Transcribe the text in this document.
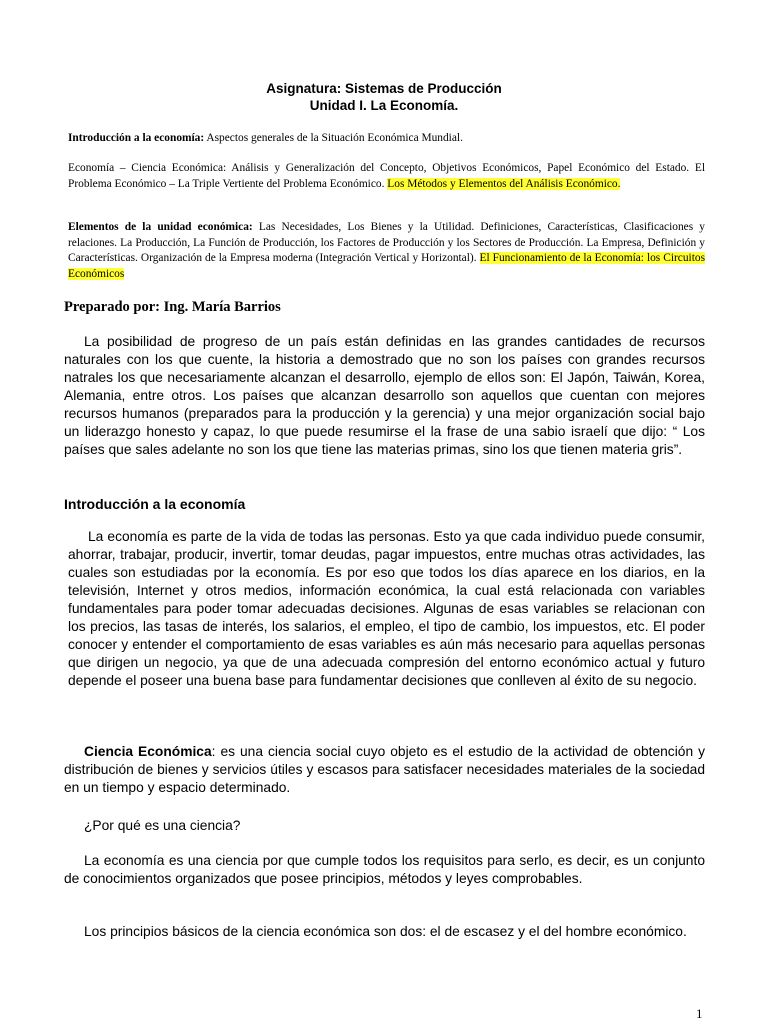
Asignatura: Sistemas de Producción
Unidad I. La Economía.
Introducción a la economía: Aspectos generales de la Situación Económica Mundial.
Economía – Ciencia Económica: Análisis y Generalización del Concepto, Objetivos Económicos, Papel Económico del Estado. El Problema Económico – La Triple Vertiente del Problema Económico. Los Métodos y Elementos del Análisis Económico.
Elementos de la unidad económica: Las Necesidades, Los Bienes y la Utilidad. Definiciones, Características, Clasificaciones y relaciones. La Producción, La Función de Producción, los Factores de Producción y los Sectores de Producción. La Empresa, Definición y Características. Organización de la Empresa moderna (Integración Vertical y Horizontal). El Funcionamiento de la Economía: los Circuitos Económicos
Preparado por: Ing. María Barrios
La posibilidad de progreso de un país están definidas en las grandes cantidades de recursos naturales con los que cuente, la historia a demostrado que no son los países con grandes recursos natrales los que necesariamente alcanzan el desarrollo, ejemplo de ellos son: El Japón, Taiwán, Korea, Alemania, entre otros. Los países que alcanzan desarrollo son aquellos que cuentan con mejores recursos humanos (preparados para la producción y la gerencia) y una mejor organización social bajo un liderazgo honesto y capaz, lo que puede resumirse el la frase de una sabio israelí que dijo: “ Los países que sales adelante no son los que tiene las materias primas, sino los que tienen materia gris”.
Introducción a la economía
La economía es parte de la vida de todas las personas. Esto ya que cada individuo puede consumir, ahorrar, trabajar, producir, invertir, tomar deudas, pagar impuestos, entre muchas otras actividades, las cuales son estudiadas por la economía. Es por eso que todos los días aparece en los diarios, en la televisión, Internet y otros medios, información económica, la cual está relacionada con variables fundamentales para poder tomar adecuadas decisiones. Algunas de esas variables se relacionan con los precios, las tasas de interés, los salarios, el empleo, el tipo de cambio, los impuestos, etc. El poder conocer y entender el comportamiento de esas variables es aún más necesario para aquellas personas que dirigen un negocio, ya que de una adecuada compresión del entorno económico actual y futuro depende el poseer una buena base para fundamentar decisiones que conlleven al éxito de su negocio.
Ciencia Económica: es una ciencia social cuyo objeto es el estudio de la actividad de obtención y distribución de bienes y servicios útiles y escasos para satisfacer necesidades materiales de la sociedad en un tiempo y espacio determinado.
¿Por qué es una ciencia?
La economía es una ciencia por que cumple todos los requisitos para serlo, es decir, es un conjunto de conocimientos organizados que posee principios, métodos y leyes comprobables.
Los principios básicos de la ciencia económica son dos: el de escasez y el del hombre económico.
1
